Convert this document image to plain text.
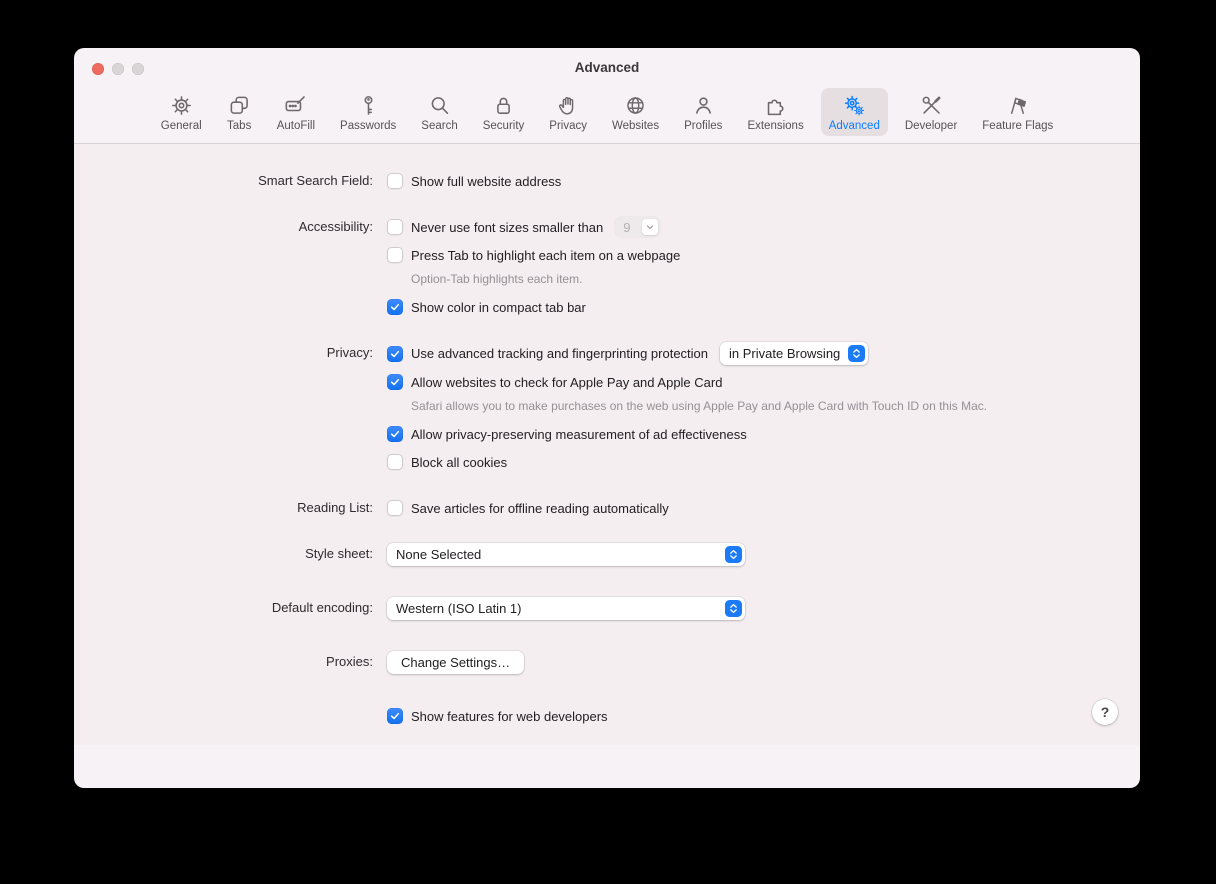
Advanced
General Tabs AutoFill Passwords Search Security Privacy Websites Profiles Extensions Advanced Developer Feature Flags
Smart Search Field:	Show full website address
Accessibility:	Never use font sizes smaller than 9
Press Tab to highlight each item on a webpage
Option-Tab highlights each item.
Show color in compact tab bar
Privacy:	Use advanced tracking and fingerprinting protection in Private Browsing
Allow websites to check for Apple Pay and Apple Card
Safari allows you to make purchases on the web using Apple Pay and Apple Card with Touch ID on this Mac.
Allow privacy-preserving measurement of ad effectiveness
Block all cookies
Reading List:	Save articles for offline reading automatically
Style sheet: None Selected
Default encoding: Western (ISO Latin 1)
Proxies:	Change Settings…
Show features for web developers	?
